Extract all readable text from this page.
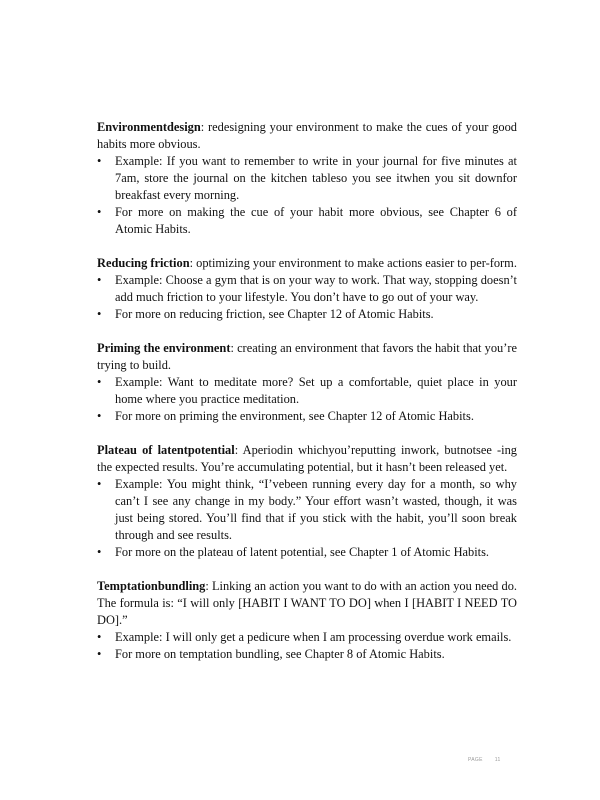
Environmentdesign: redesigning your environment to make the cues of your good habits more obvious.

• Example: If you want to remember to write in your journal for five minutes at 7am, store the journal on the kitchen tableso you see itwhen you sit downfor breakfast every morning.
• For more on making the cue of your habit more obvious, see Chapter 6 of Atomic Habits.

Reducing friction: optimizing your environment to make actions easier to per-form.

• Example: Choose a gym that is on your way to work. That way, stopping doesn’t add much friction to your lifestyle. You don’t have to go out of your way.
• For more on reducing friction, see Chapter 12 of Atomic Habits.

Priming the environment: creating an environment that favors the habit that you’re trying to build.

• Example: Want to meditate more? Set up a comfortable, quiet place in your home where you practice meditation.
• For more on priming the environment, see Chapter 12 of Atomic Habits.

Plateau of latentpotential: Aperiodin whichyou’reputting inwork, butnotsee -ing the expected results. You’re accumulating potential, but it hasn’t been released yet.

• Example: You might think, “I’vebeen running every day for a month, so why can’t I see any change in my body.” Your effort wasn’t wasted, though, it was just being stored. You’ll find that if you stick with the habit, you’ll soon break through and see results.
• For more on the plateau of latent potential, see Chapter 1 of Atomic Habits.

Temptationbundling: Linking an action you want to do with an action you need do. The formula is: “I will only [HABIT I WANT TO DO] when I [HABIT I NEED TO DO].”

• Example: I will only get a pedicure when I am processing overdue work emails.
• For more on temptation bundling, see Chapter 8 of Atomic Habits.
PAGE 11
